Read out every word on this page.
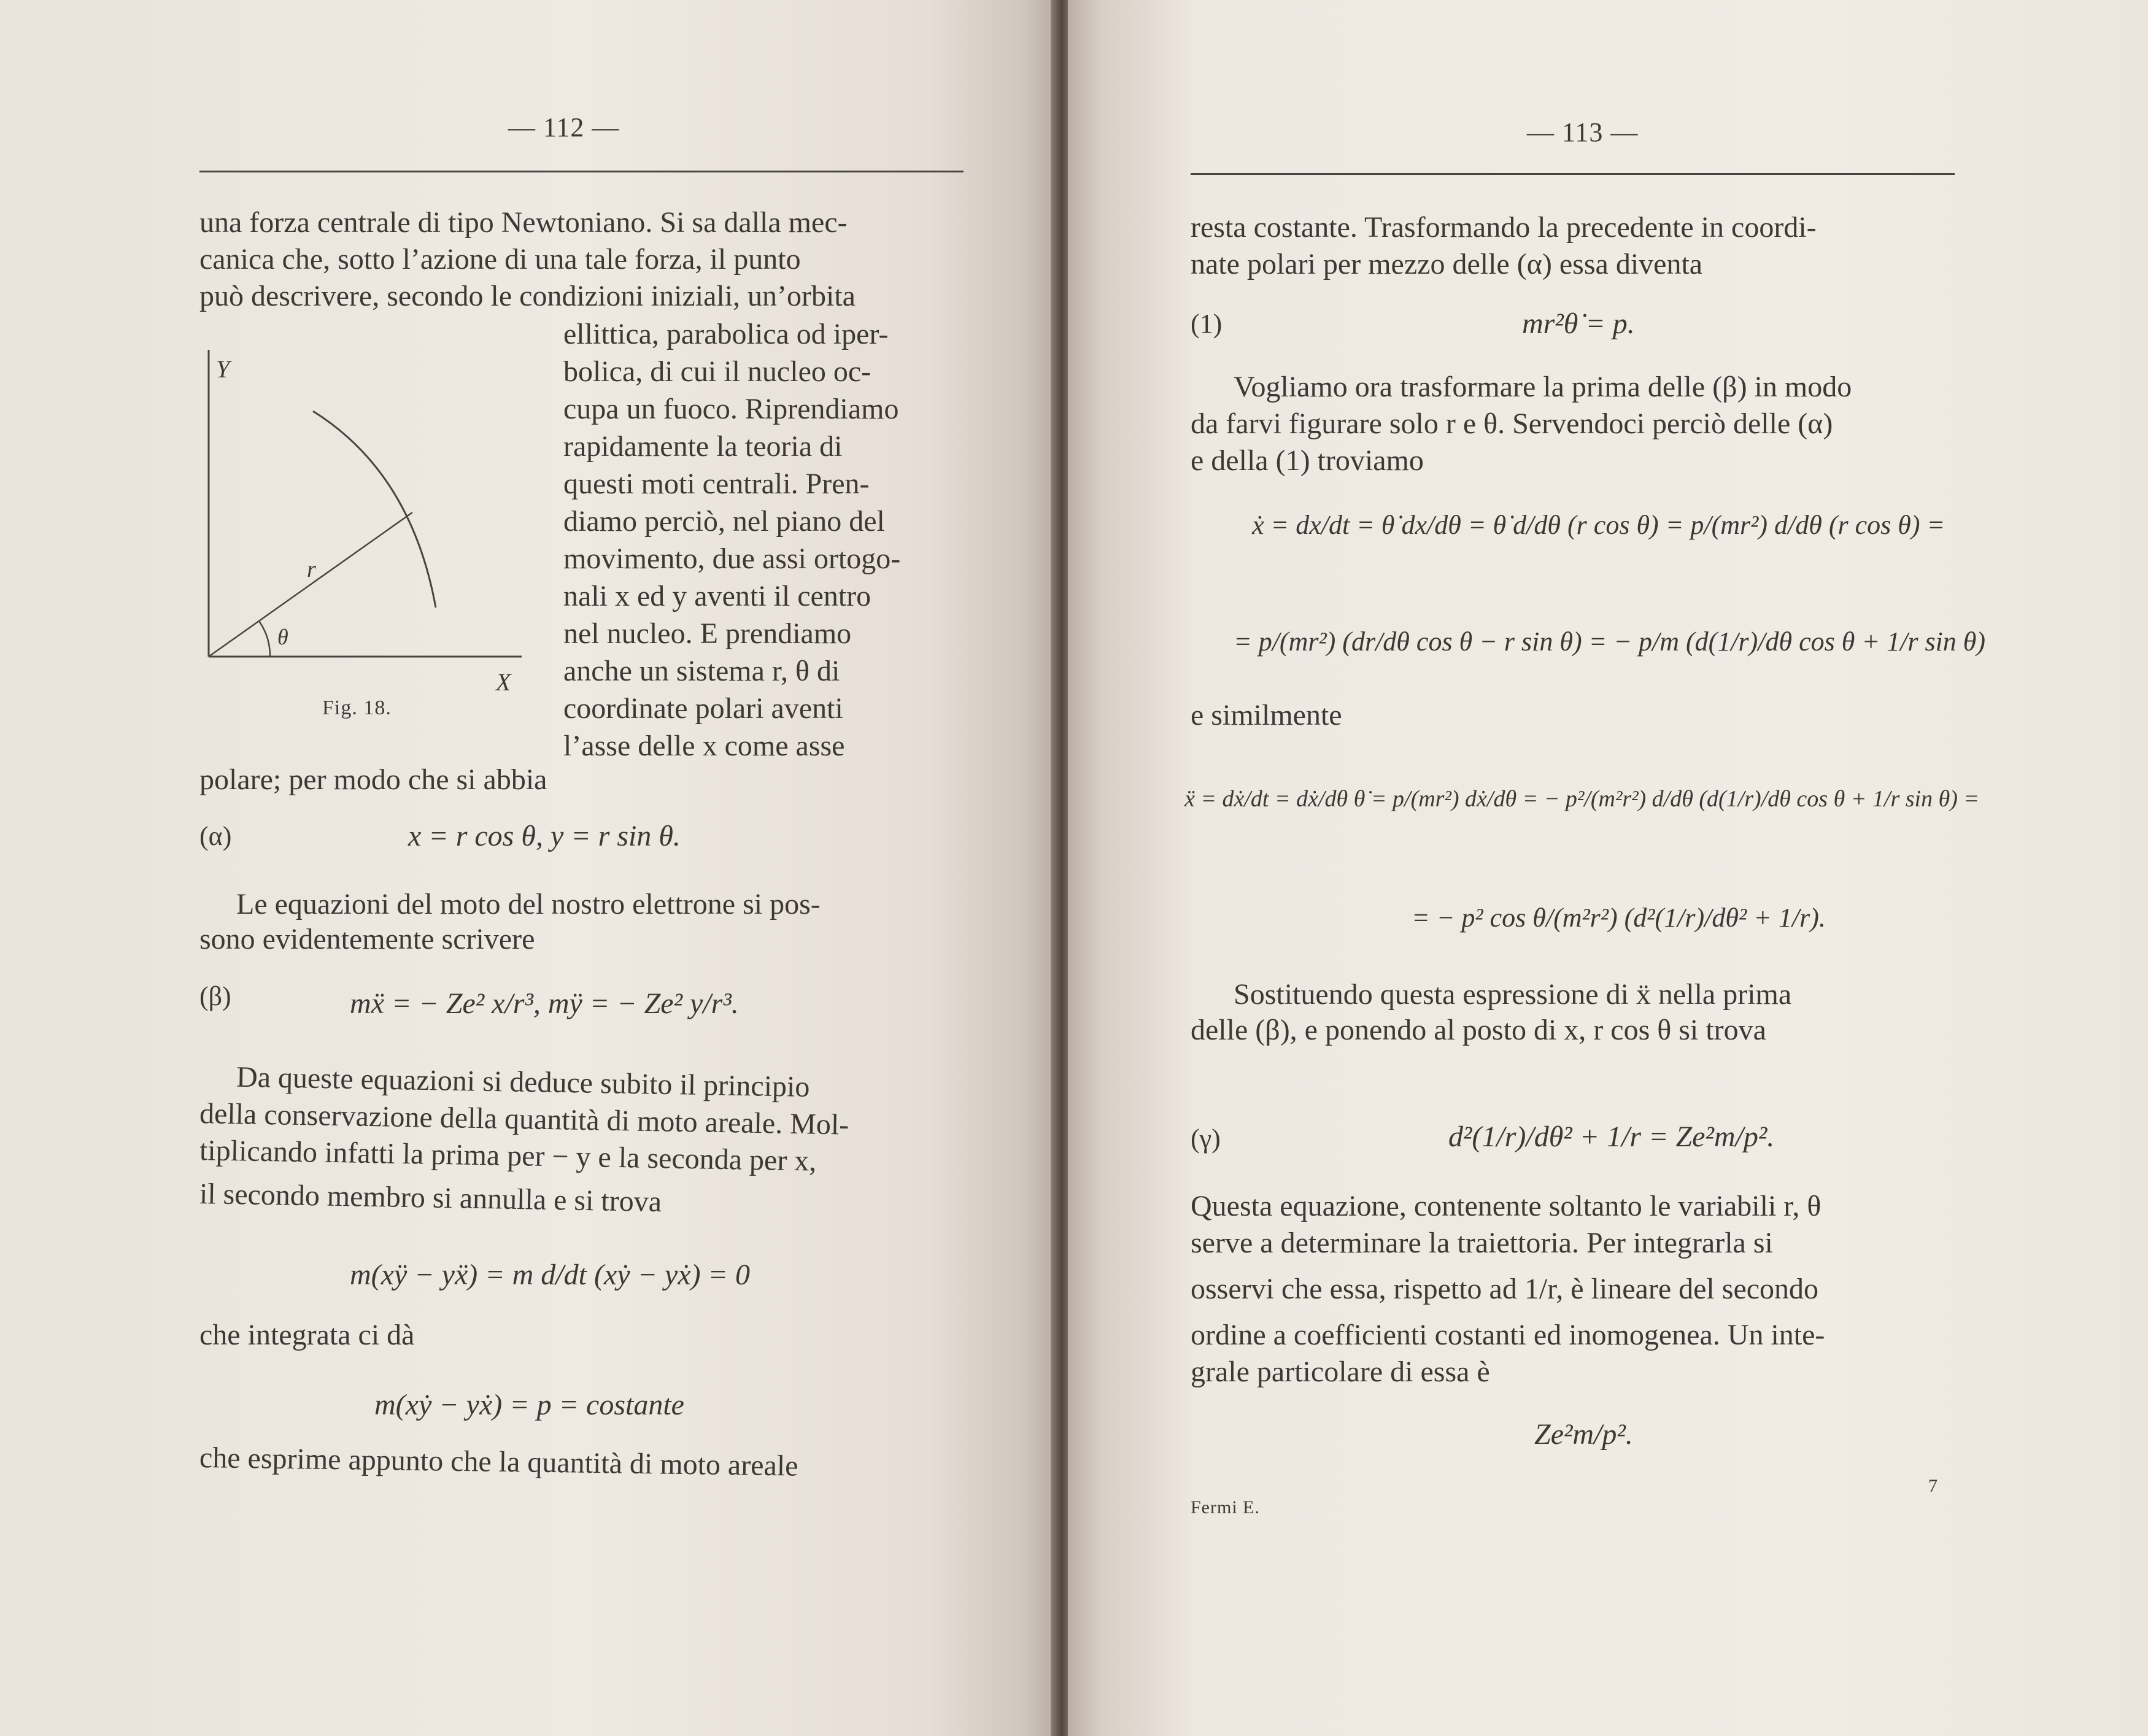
— 112 —
una forza centrale di tipo Newtoniano. Si sa dalla mec-
canica che, sotto l’azione di una tale forza, il punto
può descrivere, secondo le condizioni iniziali, un’orbita
ellittica, parabolica od iper-
bolica, di cui il nucleo oc-
cupa un fuoco. Riprendiamo
rapidamente la teoria di
questi moti centrali. Pren-
diamo perciò, nel piano del
movimento, due assi ortogo-
nali x ed y aventi il centro
nel nucleo. E prendiamo
anche un sistema r, θ di
coordinate polari aventi
l’asse delle x come asse
polare; per modo che si abbia
Y
X
r
θ
Fig. 18.
(α)	x = r cos θ, y = r sin θ.
Le equazioni del moto del nostro elettrone si pos-
sono evidentemente scrivere
(β)	mẍ = − Ze² x/r³, mÿ = − Ze² y/r³.
Da queste equazioni si deduce subito il principio
della conservazione della quantità di moto areale. Mol-
tiplicando infatti la prima per − y e la seconda per x,
il secondo membro si annulla e si trova
m(xÿ − yẍ) = m d/dt (xẏ − yẋ) = 0
che integrata ci dà
m(xẏ − yẋ) = p = costante
che esprime appunto che la quantità di moto areale
— 113 —
resta costante. Trasformando la precedente in coordi-
nate polari per mezzo delle (α) essa diventa
(1)	mr²θ̇ = p.
Vogliamo ora trasformare la prima delle (β) in modo
da farvi figurare solo r e θ. Servendoci perciò delle (α)
e della (1) troviamo
ẋ = dx/dt = θ̇ dx/dθ = θ̇ d/dθ (r cos θ) = p/(mr²) d/dθ (r cos θ) =
= p/(mr²) (dr/dθ cos θ − r sin θ) = − p/m (d(1/r)/dθ cos θ + 1/r sin θ)
e similmente
ẍ = dẋ/dt = dẋ/dθ θ̇ = p/(mr²) dẋ/dθ = − p²/(m²r²) d/dθ (d(1/r)/dθ cos θ + 1/r sin θ) =
= − p² cos θ/(m²r²) (d²(1/r)/dθ² + 1/r).
Sostituendo questa espressione di ẍ nella prima
delle (β), e ponendo al posto di x, r cos θ si trova
(γ)	d²(1/r)/dθ² + 1/r = Ze²m/p².
Questa equazione, contenente soltanto le variabili r, θ
serve a determinare la traiettoria. Per integrarla si
osservi che essa, rispetto ad 1/r, è lineare del secondo
ordine a coefficienti costanti ed inomogenea. Un inte-
grale particolare di essa è
Ze²m/p².
Fermi E.
7
